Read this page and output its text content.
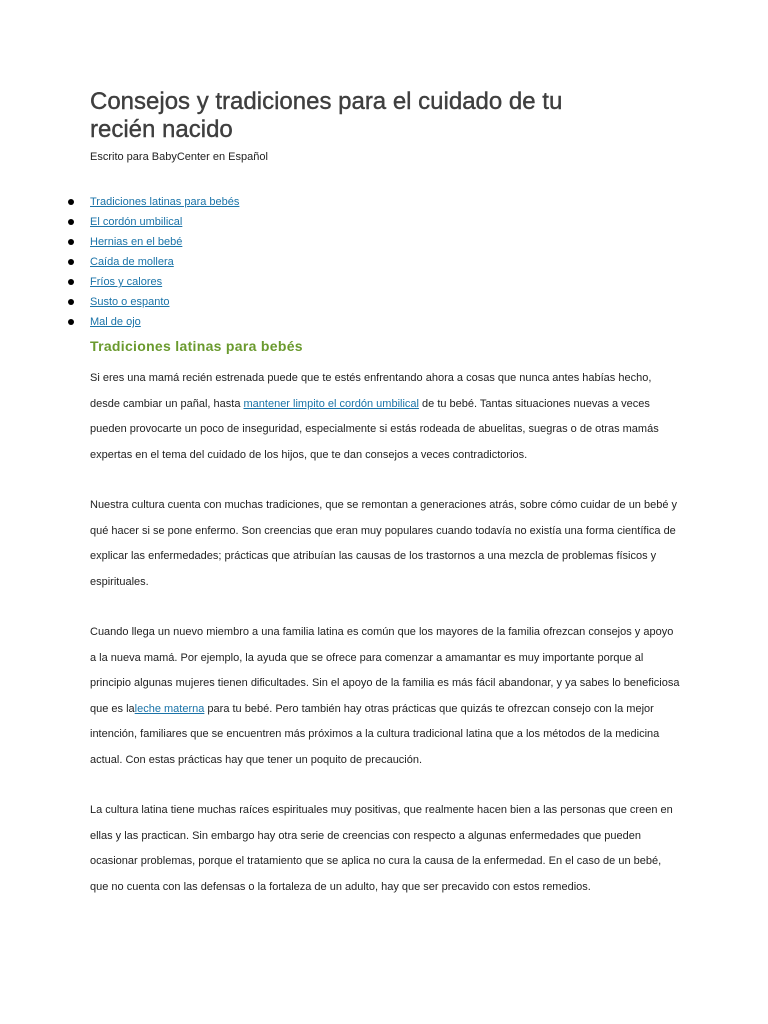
Consejos y tradiciones para el cuidado de tu
recién nacido

Escrito para BabyCenter en Español

Tradiciones latinas para bebés
El cordón umbilical
Hernias en el bebé
Caída de mollera
Fríos y calores
Susto o espanto
Mal de ojo
Tradiciones latinas para bebés

Si eres una mamá recién estrenada puede que te estés enfrentando ahora a cosas que nunca antes habías hecho, desde cambiar un pañal, hasta mantener limpito el cordón umbilical de tu bebé. Tantas situaciones nuevas a veces pueden provocarte un poco de inseguridad, especialmente si estás rodeada de abuelitas, suegras o de otras mamás expertas en el tema del cuidado de los hijos, que te dan consejos a veces contradictorios.

Nuestra cultura cuenta con muchas tradiciones, que se remontan a generaciones atrás, sobre cómo cuidar de un bebé y qué hacer si se pone enfermo. Son creencias que eran muy populares cuando todavía no existía una forma científica de explicar las enfermedades; prácticas que atribuían las causas de los trastornos a una mezcla de problemas físicos y espirituales.

Cuando llega un nuevo miembro a una familia latina es común que los mayores de la familia ofrezcan consejos y apoyo a la nueva mamá. Por ejemplo, la ayuda que se ofrece para comenzar a amamantar es muy importante porque al principio algunas mujeres tienen dificultades. Sin el apoyo de la familia es más fácil abandonar, y ya sabes lo beneficiosa que es laleche materna para tu bebé. Pero también hay otras prácticas que quizás te ofrezcan consejo con la mejor intención, familiares que se encuentren más próximos a la cultura tradicional latina que a los métodos de la medicina actual. Con estas prácticas hay que tener un poquito de precaución.

La cultura latina tiene muchas raíces espirituales muy positivas, que realmente hacen bien a las personas que creen en ellas y las practican. Sin embargo hay otra serie de creencias con respecto a algunas enfermedades que pueden ocasionar problemas, porque el tratamiento que se aplica no cura la causa de la enfermedad. En el caso de un bebé, que no cuenta con las defensas o la fortaleza de un adulto, hay que ser precavido con estos remedios.
